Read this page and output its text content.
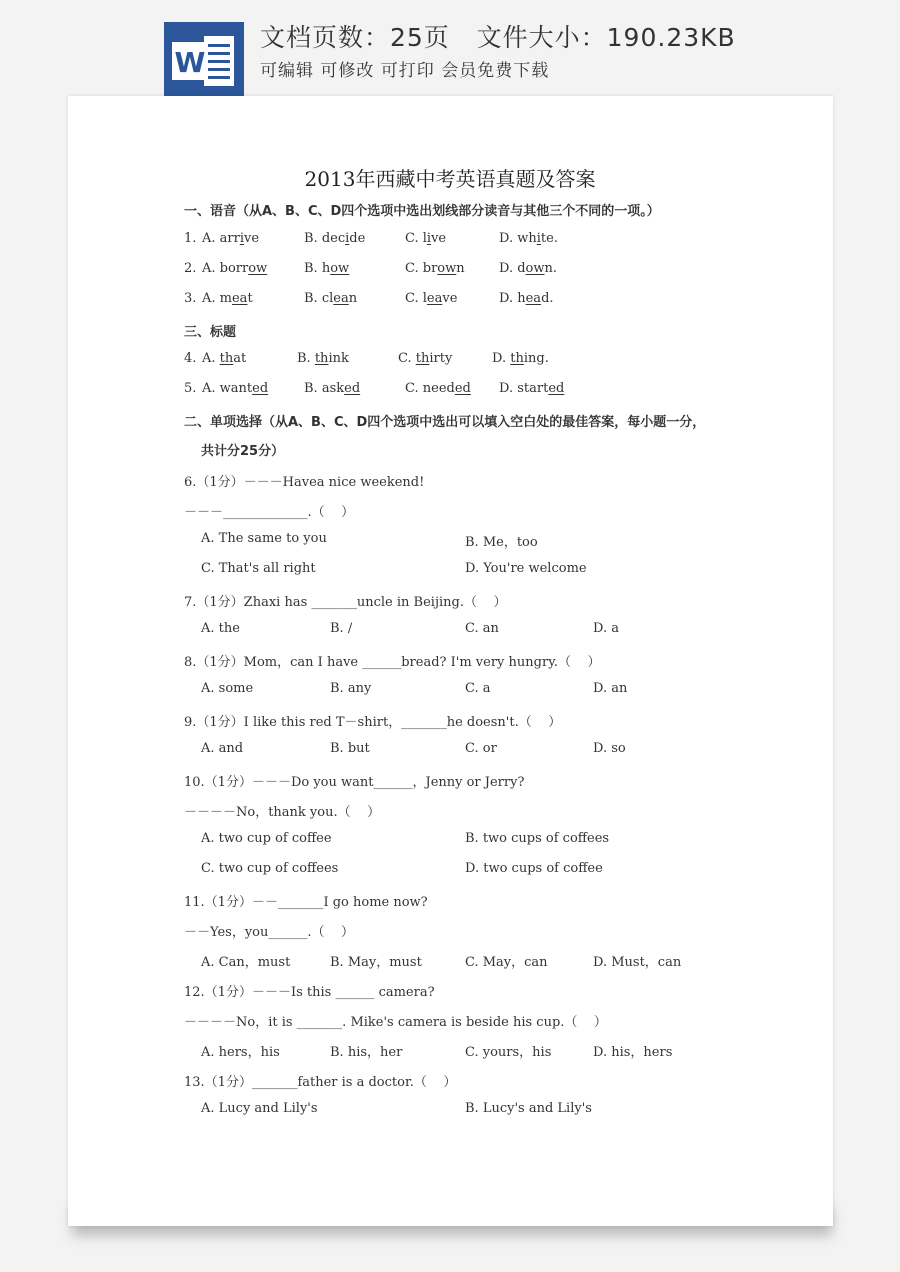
W
文档页数：25页   文件大小：190.23KB
可编辑 可修改 可打印 会员免费下载
2013年西藏中考英语真题及答案
一、语音（从A、B、C、D四个选项中选出划线部分读音与其他三个不同的一项。）
1. A. arrive	B. decide	C. live	D. white.
2. A. borrow	B. how	C. brown	D. down.
3. A. meat	B. clean	C. leave	D. head.
三、标题
4. A. that	B. think	C. thirty	D. thing.
5. A. wanted	B. asked	C. needed D. started
二、单项选择（从A、B、C、D四个选项中选出可以填入空白处的最佳答案，每小题一分，
共计分25分）
6.（1分）－－－Havea nice weekend!
－－－_____________.（    ）
A. The same to you	B. Me，too
C. That's all right	D. You're welcome
7.（1分）Zhaxi has _______uncle in Beijing.（    ）
A. the	B. /	C. an	D. a
8.（1分）Mom，can I have ______bread? I'm very hungry.（    ）
A. some	B. any	C. a	D. an
9.（1分）I like this red T－shirt，_______he doesn't.（    ）
A. and	B. but	C. or	D. so
10.（1分）－－－Do you want______，Jenny or Jerry?
－－－－No，thank you.（    ）
A. two cup of coffee	B. two cups of coffees
C. two cup of coffees	D. two cups of coffee
11.（1分）－－_______I go home now?
－－Yes，you______.（    ）
A. Can，must	B. May，must	C. May，can	D. Must，can
12.（1分）－－－Is this ______ camera?
－－－－No，it is _______. Mike's camera is beside his cup.（    ）
A. hers，his	B. his，her	C. yours，his	D. his，hers
13.（1分）_______father is a doctor.（    ）
A. Lucy and Lily's	B. Lucy's and Lily's
